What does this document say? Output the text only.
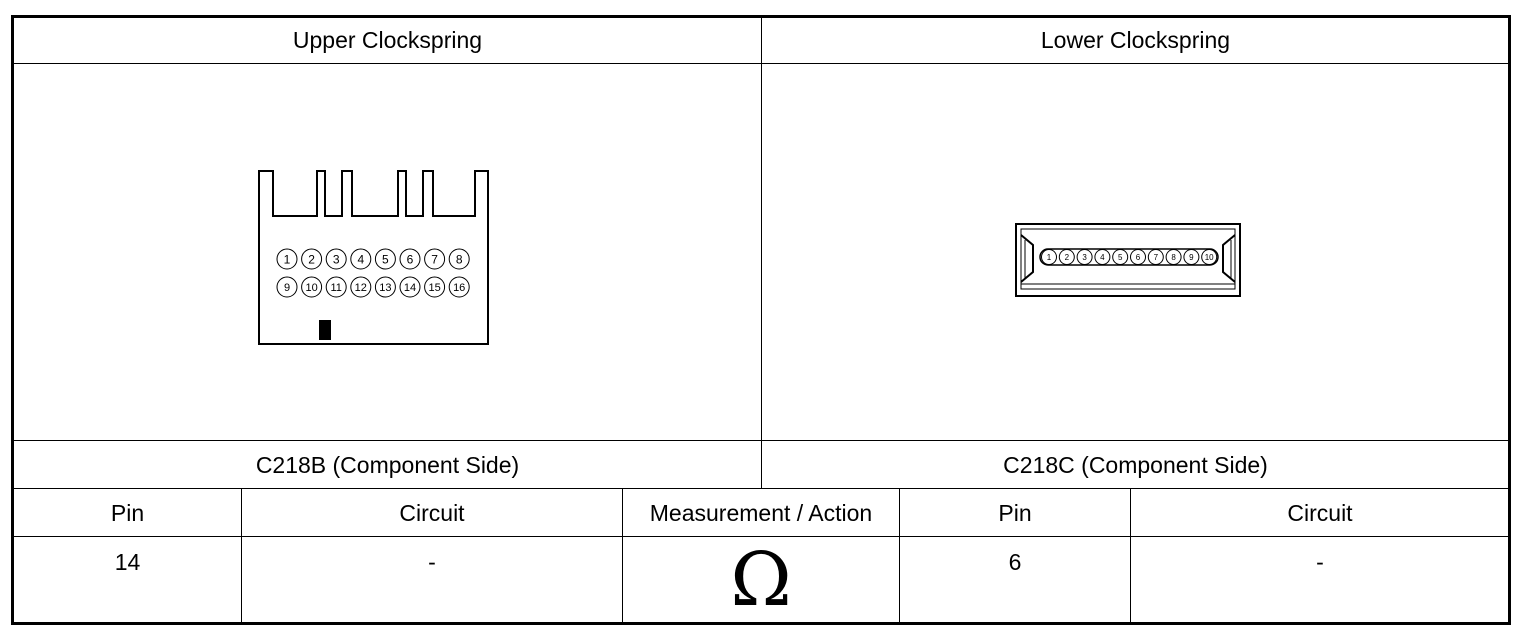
Upper Clockspring	Lower Clockspring
1 2 3 4 5 6 7 8
9 10 11 12 13 14 15 16
1 2 3 4 5 6 7 8 9 10
C218B (Component Side)	C218C (Component Side)
Pin	Circuit	Measurement / Action	Pin	Circuit
14	-	Ω	6	-
